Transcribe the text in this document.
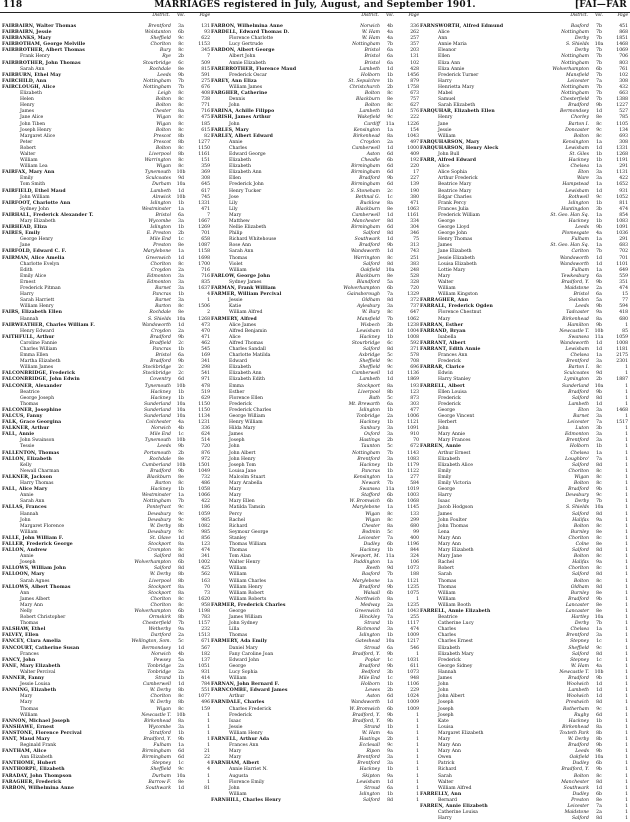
118	MARRIAGES registered in July, August, and September 1901.	[FAI—FAR
District.	Vol.	Page
FAIRBAIRN, Walter Thomas	Brentford	3a	131
FAIRBAIRN, Jessie	Wolstanton	6b	93
FAIRBANKS, Mary	Sheffield	9c	622
FAIRBOTHAM, George Melville	Chorlton	8c	1153
FAIRBROTHER, Albert Thomas	Bury	8c	345
Frank Henry	Rye	2b	7
FAIRBROTHER, John Thomas	Stourbridge	6c	509
Sarah Ann	Rochdale	8e	815
FAIRBURN, Ethel May	Leeds	9b	591
FAIRCHILD, Ann	Nottingham	7b	275
FAIRCLOUGH, Alice	Nottingham	7b	676
Elizabeth	Leigh	8c	408
Helen	Bolton	8c	738
Henry	Bolton	8c	771
James	Chester	8a	716
Jane Alice	Wigan	8c	475
John Tiben	Wigan	8c	185
Joseph Henry	Bolton	8c	615
Margaret Alice	Prescot	8b	82
Peter	Prescot	8b	1277
Robert	Bolton	8c	1150
Walter	Liverpool	8b	1161
William	Warrington	8c	151
William Lea	Wigan	8c	359
FAIRFAX, Mary Ann	Tynemouth	10b	369
Emily	Sculcoates	9d	308
Tom Smith	Durham	10a	645
FAIRFIELD, Ethel Maud	Lambeth	1d	617
John William	Alnwick	10b	745
FAIRFOOT, Charlotte Ann	Islington	1b	1331
Sydney John	Westminster	1a	471
FAIRHALL, Frederick Alexander T.	Bristol	6a	7
Mary Elizabeth	Wycombe	3a	1667
FAIRHEAD, Eliza	Islington	1b	1269
FAIRES, Emily	E. Preston	2b	701
George Henry	Mile End	1c	658
Jane	Preston	8e	1087
FAIRFOLD, Edward C. F.	Marylebone	1a	1158
FAIRMAN, Alice Amelia	Greenwich	1d	1698
Charlotte Evelyn	Chorlton	8c	1700
Edith	Croydon	2a	716
Emily Alice	Edmonton	3a	716
Ernest	Edmonton	3a	835
Frederick Pitman	Barnet	3a	1637
Harry	Pancras	1b	4
Sarah Harriett	Barnet	3a	1
William Henry	Barton	8c	1506
FAIRS, Elizabeth Ellen	Rochdale	8e	2
Hannah	S. Shields	10a	1268
FAIRWEATHER, Charles William F.	Wandsworth	1d	473
Henry Edward	Croydon	2a	470
FAITHFULL, Arthur	Bradford	9b	471
Caroline Fannie	Bradfield	2c	462
Charles William	Pancras	1b	545
Emma Ellen	Bristol	6a	169
Martha Elizabeth	Bradford	9b	341
William James	Stockbridge	2c	298
FALCONBRIDGE, Frederick	Stockbridge	2c	541
FALCONBRIDGE, John Edwin	Coventry	6d	971
FALCONER, Alexander	Tynemouth	10b	478
Beatrice	Hackney	1b	519
George Joseph	Hackney	1b	629
Thomas	Sunderland	10a	1150
FALCONER, Josephine	Sunderland	10a	1150
FALCUS, Fanny	Sunderland	10a	1134
FALK, Grace Georgina	Colchester	4a	1231
FALKNER, Arthur	Norwich	4b	336
FALL, Annie	Mile End	1c	624
John Swainson	Tynemouth	10b	514
Tessie	Leeds	9b	720
FALLENTON, Thomas	Portsmouth	2b	876
FALLON, Elizabeth	Rochdale	8e	972
Kelly	Cumberland	10b	1501
Newall Charman	Bradford	9b	1049
FALKNER, Jackson	Blackburn	8e	732
Harry Thomas	Barton	8c	486
FALL, Alice Mary	Hackney	1b	1058
Annie	Westminster	1a	1066
Sarah Ann	Nottingham	7b	422
FALLAS, Frances	Pontefract	9c	186
Hannah	Dewsbury	9c	1059
John	Dewsbury	9c	985
Margaret Florence	W. Derby	8b	1082
William	Dewsbury	9c	985
FALLE, John William F.	St. Olave	1d	856
FALLER, Frederick George	Stockport	8a	123
FALLON, Andrew	Crompton	8c	474
Annie	Salford	8d	341
Joseph	Wolverhampton	6b	1002
FALLOWS, William John	Salford	8d	425
FALLOON, Mary	W. Derby	8b	562
Sarah Agnes	Liverpool	8b	163
FALLOWS, Albert Thomas	Stockport	8a	70
Ann	Stockport	8a	73
James Albert	Chorlton	8c	1620
Mary Ann	Chorlton	8c	958
Nelly	Wolverhampton	6b	1198
Robert Christopher	Ormskirk	8b	783
Thomas	Chesterfield	7b	1157
FALSHAW, Ethel	Wetherby	9a	232
FALVEY, Ellen	Dartford	2a	1513
FANCEY, Clara Amelia	Wellington, Som.	5c	671
FANCOURT, Catherine Susan	Bermondsey	1d	567
Frances	Norwich	4b	182
FANCY, John	Pewsey	5a	137
FANE, Mary Elizabeth	Tonbridge	2a	1051
Walter Percival	Tonbridge	2a	931
FANNER, Fanny	Strand	1b	414
Jessie Louisa	Camberwell	1d	784
FANNING, Elizabeth	W. Derby	8b	551
Mary	Chorlton	8c	1077
Mary	W. Derby	8b	496
Thomas	Wigan	8c	159
William	Newcastle T.	10b	1
FANNON, Michael Joseph	Birkenhead	8a	1
FANSHAWE, Ernest	Wycombe	3a	1
FANSTONE, Florence Percival	Stratford	1b	1
FANT, Maud Mary	Bradford, Y.	9b	1
Reginald Frank	Fulham	1a	1
FANTHAM, Alice	Birmingham	6d	21
Ann Elizabeth	Birmingham	6d	22
FANTHOME, Hubert	Stepney	1c	4
FANTHORPE, Elizabeth	Sheffield	9c	4
FARADAY, John Thompson	Durham	10a	1
FARAGHER, Frederick	Barrow F.	8e	1
FARBON, Wilhelmina Anne	Southwark	1d	81
District.	Vol.	Page
FARBON, Wilhelmina Anne	Norwich	4b	336
FARDELL, Edward Thomas D.	W. Ham	4a	262
Florence Charlotte	W. Ham	4a	257
Lucy Gertrude	Nottingham	7b	357
FARDON, Albert George	Bristol	6a	203
Albert John	Bristol	6a	131
Annie Elizabeth	Bristol	6a	102
FAREBROTHER, Florence Maud	Lambeth	1d	428
Frederick Oscar	Holborn	1b	1456
FAREY, Ann Eliza	St. Sepulchre	1b	879
William James	Christchurch	2b	1758
FARGHER, Catherine	Bolton	8c	673
Dennis	Blackburn	8e	757
John	Bolton	8c	627
FARINA, Achille Filippo	Lambeth	1d	576
FARISH, James Arthur	Wakefield	9c	222
John	Cardiff	11a	1226
FARLES, Mary	Kensington	1a	154
FARLEY, Albert Edward	Birkenhead	8a	1043
Annie	Croydon	2a	497
Charles	Camberwell	1d	1000
Edward George	Aston	6d	409
Elizabeth	Cheadle	6b	192
Elizabeth	Birmingham	6d	220
Elizabeth Ann	Birmingham	6d	17
Ellen	Bradford	9b	227
Frederick John	Birmingham	6d	139
Henry Tucker	S. Stoneham	2c	190
Jose	Bethnal G.	1c	380
Lily	Bucklow	8a	471
Lily	Blackburn	8e	1063
Mary	Camberwell	1d	1161
Matthew	Manchester	8d	334
Nellie Elizabeth	Birmingham	6d	304
Philip	Salford	8d	346
Richard Whitehouse	Southwark	1d	75
Rose Ann	Bradford	9b	313
Sarah Ann	Wandsworth	1d	743
Thomas	Warrington	8c	251
Violet	Salford	8d	383
William	Oakfield	10a	248
FARLOW, George John	Blackburn	8e	528
Sydney James	Blandford	5a	328
FARMAN, Frank William	Wolverhampton	6b	720
FARMER, William Percival	Gainsborough	7a	1329
Jessie	Oldham	8d	372
Katie	Aylesbury	3a	737
William Alfred	W. Bury	8c	647
FARMERY, Alfred	Mansfield	7b	1062
Alice James	Wisbech	3b	1238
Alfred Benjamin	Lewisham	1d	1004
Alice	Hackney	1b	1008
Alfred Thomas	Stourbridge	6c	592
Charles Sandall	Salford	8d	371
Charlotte Matilda	Axbridge	5c	578
Edward	Sheffield	9c	708
Elizabeth	Sheffield	9c	696
Elizabeth Ann	Camberwell	1d	1136
Elizabeth Edith	Lambeth	1d	1869
Emma	Stockport	8a	193
Esther	Liverpool	8b	123
Florence Ellen	Bath	5c	873
Frederick	Mt. Brewarth	6a	303
Frederick Charles	Islington	1b	477
George William	Tonbridge	2a	1006
Henry William	Hackney	1b	1121
Hilda Mary	Sunbury	3a	1091
James	Oxford	3a	910
Joseph	Hastings	2b	70
John	Taunton	5c	672
John Albert	Nottingham	7b	1143
John Henry	Brentford	3a	1083
Joseph Tom	Hackney	1b	1179
Louisa Jane	Pancras	1b	1122
Malcolm Stuart	Kensington	1a	277
Mary Arabella	Newark	7b	584
Mary	Swansea	11a	1019
Mary	Stafford	6b	1003
Mary Ellen	W. Bromwich	6b	1068
Matilda Tamsin	Marylebone	1a	1145
Percy	Wigan	8c	133
Rachel	Wigan	8c	299
Richard	Chester	8a	680
Seymour George	Bodmin	5c	99
Stanley	Leicester	7a	400
Thomas William	Dudley	6b	1196
Thomas	Hackney	1b	844
Tom Alan	Newport, M.	11a	324
Walter Henry	Paddington	1a	106
William	Reeth	9d	1073
William	Basford	7b	188
William Charles	Marylebone	1a	1121
William Henry	Bradford	9b	1235
William Robert	Walsall	6b	1075
William Roberts	Northwich	8a	1
FARMER, Frederick Charles	Medway	2a	1235
George	Greenwich	1d	1043
James William	Hinckley	7a	255
John Sydney	Strand	1b	1117
Lilla	Richmond	3a	474
Thomas	Islington	1b	1009
FARMERY, Ada Emily	Gateshead	10a	1217
Daniel Mary	Stroud	6a	546
Fany Caroline Joan	Bradford, Y.	9b	1
Edward John	Poplar	1c	1031
George	Bradford	9b	611
Lucy Sophia	Bedford	3b	1073
William	Mile End	1c	948
FARNAN, John Bernard F.	Holborn	1b	1106
FARNCOMBE, Edward James	Lewes	2b	229
Arthur	Aston	6d	1024
FARNDALE, Charles	Wandsworth	1d	1009
Charles Frederick	W. Bromwich	6b	1009
Frederick	Bradford, Y.	9b	1
Isaac	Bradford, Y.	9b	1
Jessie	Strand	1b	1
William Henry	W. Ham	4a	1
FARNELL, Arthur Ada	Hastings	2b	1
Frances Ann	Ecclesall	9c	1
Mary	Ripon	9a	1
Mary	Brentford	3a	1
FARNHAM, Albert	Brentford	3a	1
Annie Harriet N.	Hackney	1b	1
Augusta	Skipton	9a	1
Florence Emily	Lewisham	1d	1
John	Stroud	6a	1
William	Islington	1b	1
FARNHILL, Charles Henry	Salford	8d	1
District.	Vol.	Page
FARNSWORTH, Alfred Edmund	Basford	7b	451
Alice	Nottingham	7b	868
Ann	Derby	7b	1851
Annie Maria	S. Shields	10a	1468
Eleanor	Derby	7b	1069
Ellen	Nottingham	7b	706
Eliza Ann	Nottingham	7b	803
Eliza Annie	Wolverhampton	6b	761
Frederick Turner	Mansfield	7b	102
Harry	Leicester	7a	308
Henrietta Mary	Nottingham	7b	432
Mabel	Nottingham	7b	663
Samuel	Chesterfield	7b	1388
Sarah Elizabeth	Bradford	9b	1227
FARQUHAR, Elizabeth Ellen	Bermondsey	1d	527
Henry	Chorley	8e	785
Jane	Barton I.	8c	1105
Jessie	Doncaster	9c	134
William	Bolton	8c	693
FARQUHARSON, Mary	Kensington	1a	308
FARQUHARSON, Henry Aleck	Lewisham	1d	1331
John Bull	St. Giles	1b	1268
FARR, Alfred Edward	Hackney	1b	1191
Alice	Chelsea	1a	291
Alice Sophia	Eton	3a	1131
Arthur Frederick	Ware	3a	422
Beatrice Mary	Hampstead	1a	1652
Beatrice Mary	Lewisham	1d	931
Edgar Charles	Rothwell	9c	1052
Frank Percy	Islington	1b	811
Frances Julia	Huntingdon	3b	474
Frederick William	St. Geo. Han Sq.	1a	854
George	Hackney	1b	1083
George Lloyd	Leeds	9b	1091
George John	Plomesgate	4a	1036
Henry Thomas	Fulham	1a	291
James	St. Geo. Han Sq.	1a	683
Jane Elizabeth	Carlton	7b	702
Jessie Elizabeth	Wandsworth	1d	701
Louisa Elizabeth	Wandsworth	1d	1101
Lottie Mary	Fulham	1a	649
Mary	Tewkesbury	6a	559
Walter	Bradford, Y.	9b	351
William	Maidstone	2a	474
William Kingston	Bristol	6a	15
FARRAGHER, Ann	Swindon	5a	77
FARRALL, Frederick Ogden	Leeds	9b	594
Florence Chestnut	Tadcaster	9a	418
Mary	Birkenhead	8a	680
FARRAN, Esther	Hamilton	9b	1
FARRAND, Bryan	Newcastle T.	10b	85
Isabella	Swansea	11a	1059
FARRANT, Albert	Wandsworth	1d	1008
FARRANT, Edith Annie	Lewisham	1d	1181
Frances Ann	Chelsea	1a	2175
Frederick	Brentford	3a	2301
FARRAR, Clarice	Barton I.	8c	1
Edwin	Sculcoates	9d	1
Harry Stanley	Lymington	2b	1887
FARRELL, Albert	Sunderland	10a	1
Ellen Louisa	Bradford	9b	1
Frederick	Salford	8d	1
Frederick	Lambeth	1d	1
George	Eton	3a	1468
George Vincent	Barnet	3a	1
Herbert	Leicester	7a	1517
John	Luton	3b	1
Mary Annie	Edmonton	3a	1
Mary Frances	Brentford	3a	1
FARREN, Annie	Holborn	1b	1
Arthur Ernest	Chelsea	1a	1
Elizabeth	Loughbro'	7a	1
Elizabeth Alice	Salford	8d	1
Emily	Chorlton	8c	1
Emily	Wigan	8c	1
Emily Victoria	Bolton	8c	1
George	Bradford	9b	1
Harry	Dewsbury	9c	1
Isaac	Derby	7b	1
Jacob Hodgson	S. Shields	10a	1
James	Salford	8d	1
John Foulter	Halifax	9a	1
John Thomas	Bolton	8c	1
Lena	Burnley	8e	1
Mary Ann	Chorlton	8c	1
Mary Ann	Colne	8e	1
Mary Elizabeth	Salford	8d	1
Mary Jane	Bolton	8c	1
Rachel	Halifax	9a	1
Robert	Chorlton	8c	1
Sarah	Salford	8d	1
Thomas	Bolton	8c	1
Thomas	Oldham	8d	1
William	Burnley	8e	1
William	Bradford	9b	1
William Booth	Lancaster	8e	1
FARRELL, Annie Elizabeth	Lancaster	8e	1
Beatrice	Hartley	10a	1
Catherine Lucy	Derby	7b	1
Charles	Chelsea	1a	1
Charles	Brentford	3a	1
Charles Ernest	Stepney	1c	1
Elizabeth	Sheffield	9c	1
Elizabeth Mary	Salford	8d	1
Frederick	Stepney	1c	1
George Sidney	W. Ham	4a	1
Hannah	Newcastle T.	10b	1
James	Bradford	9b	1
John	Woolwich	1d	1
John	Lambeth	1d	1
John Albert	Woolwich	1d	1
Joseph	Prestwich	8d	1
Joseph	Rotherham	9c	1
Joseph	Rugby	6d	1
Kate	Hackney	1b	1
Louisa	Birkenhead	8a	1
Margaret Elizabeth	Toxteth Park	8b	1
Mary	W. Derby	8b	1
Mary Ann	Bradford	9b	1
Mary Ann	Leeds	9b	1
Owen	Oakfield	10a	1
Patrick	Dudley	6b	1
Richard	Bradford, Y.	9b	1
Sarah	Bolton	8c	1
Walter	Manchester	8d	1
William Alfred	Southwark	1d	1
FARRELLY, Ann	Dudley	6b	1
Bernard	Preston	8e	1
FARREN, Annie Elizabeth	Leicester	7a	1
Catherine Louisa	Maidstone	2a	1
Harry	Salford	8d	1
